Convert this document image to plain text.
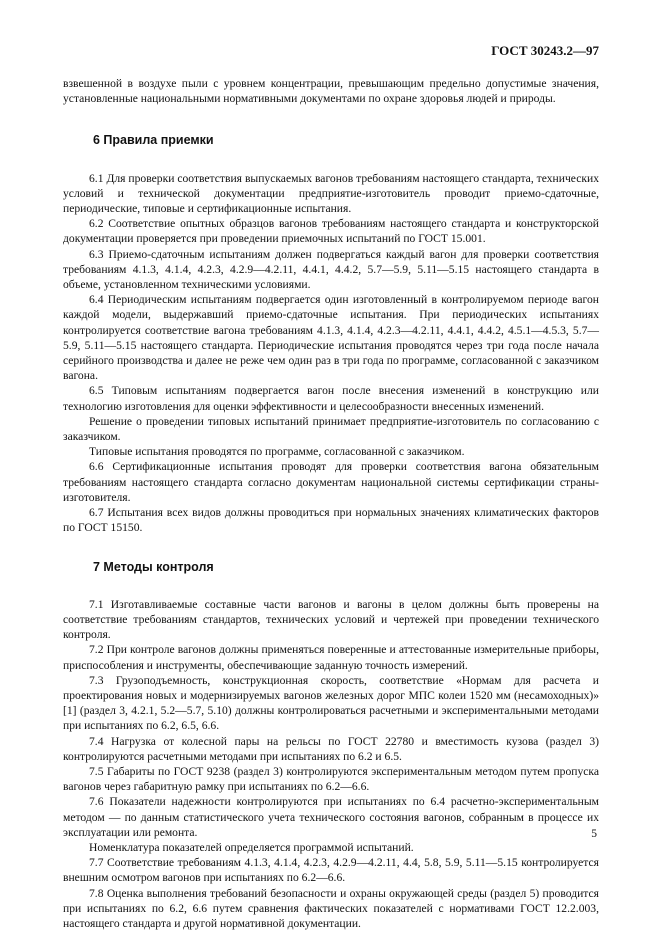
ГОСТ 30243.2—97

взвешенной в воздухе пыли с уровнем концентрации, превышающим предельно допустимые значения, установленные национальными нормативными документами по охране здоровья людей и природы.

6 Правила приемки

6.1 Для проверки соответствия выпускаемых вагонов требованиям настоящего стандарта, технических условий и технической документации предприятие-изготовитель проводит приемо-сдаточные, периодические, типовые и сертификационные испытания.

6.2 Соответствие опытных образцов вагонов требованиям настоящего стандарта и конструкторской документации проверяется при проведении приемочных испытаний по ГОСТ 15.001.

6.3 Приемо-сдаточным испытаниям должен подвергаться каждый вагон для проверки соответствия требованиям 4.1.3, 4.1.4, 4.2.3, 4.2.9—4.2.11, 4.4.1, 4.4.2, 5.7—5.9, 5.11—5.15 настоящего стандарта в объеме, установленном техническими условиями.

6.4 Периодическим испытаниям подвергается один изготовленный в контролируемом периоде вагон каждой модели, выдержавший приемо-сдаточные испытания. При периодических испытаниях контролируется соответствие вагона требованиям 4.1.3, 4.1.4, 4.2.3—4.2.11, 4.4.1, 4.4.2, 4.5.1—4.5.3, 5.7—5.9, 5.11—5.15 настоящего стандарта. Периодические испытания проводятся через три года после начала серийного производства и далее не реже чем один раз в три года по программе, согласованной с заказчиком вагона.

6.5 Типовым испытаниям подвергается вагон после внесения изменений в конструкцию или технологию изготовления для оценки эффективности и целесообразности внесенных изменений.

Решение о проведении типовых испытаний принимает предприятие-изготовитель по согласованию с заказчиком.

Типовые испытания проводятся по программе, согласованной с заказчиком.

6.6 Сертификационные испытания проводят для проверки соответствия вагона обязательным требованиям настоящего стандарта согласно документам национальной системы сертификации страны-изготовителя.

6.7 Испытания всех видов должны проводиться при нормальных значениях климатических факторов по ГОСТ 15150.

7 Методы контроля

7.1 Изготавливаемые составные части вагонов и вагоны в целом должны быть проверены на соответствие требованиям стандартов, технических условий и чертежей при проведении технического контроля.

7.2 При контроле вагонов должны применяться поверенные и аттестованные измерительные приборы, приспособления и инструменты, обеспечивающие заданную точность измерений.

7.3 Грузоподъемность, конструкционная скорость, соответствие «Нормам для расчета и проектирования новых и модернизируемых вагонов железных дорог МПС колеи 1520 мм (несамоходных)» [1] (раздел 3, 4.2.1, 5.2—5.7, 5.10) должны контролироваться расчетными и экспериментальными методами при испытаниях по 6.2, 6.5, 6.6.

7.4 Нагрузка от колесной пары на рельсы по ГОСТ 22780 и вместимость кузова (раздел 3) контролируются расчетными методами при испытаниях по 6.2 и 6.5.

7.5 Габариты по ГОСТ 9238 (раздел 3) контролируются экспериментальным методом путем пропуска вагонов через габаритную рамку при испытаниях по 6.2—6.6.

7.6 Показатели надежности контролируются при испытаниях по 6.4 расчетно-экспериментальным методом — по данным статистического учета технического состояния вагонов, собранным в процессе их эксплуатации или ремонта.

Номенклатура показателей определяется программой испытаний.

7.7 Соответствие требованиям 4.1.3, 4.1.4, 4.2.3, 4.2.9—4.2.11, 4.4, 5.8, 5.9, 5.11—5.15 контролируется внешним осмотром вагонов при испытаниях по 6.2—6.6.

7.8 Оценка выполнения требований безопасности и охраны окружающей среды (раздел 5) проводится при испытаниях по 6.2, 6.6 путем сравнения фактических показателей с нормативами ГОСТ 12.2.003, настоящего стандарта и другой нормативной документации.

5
